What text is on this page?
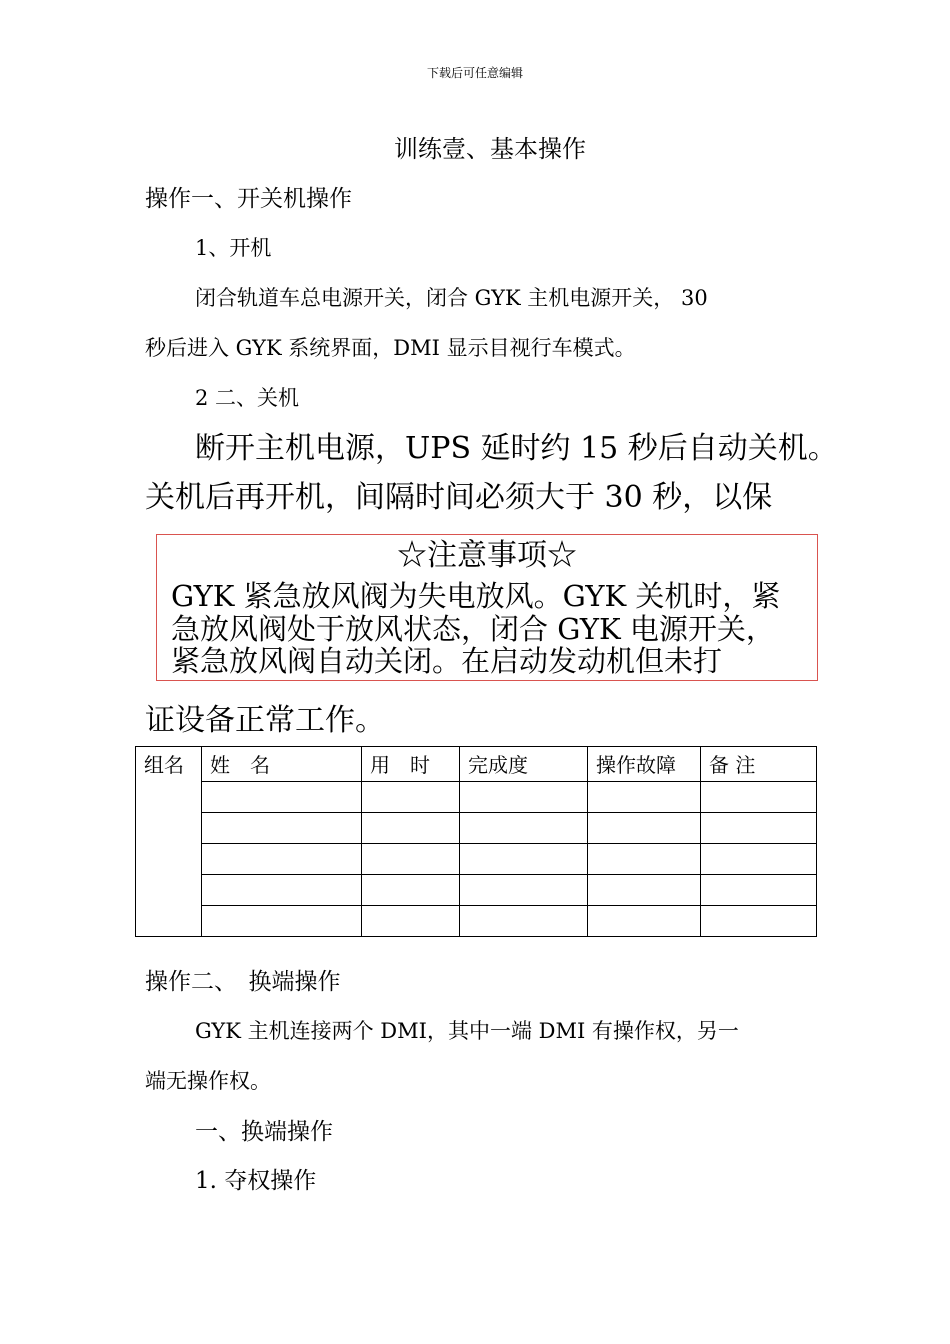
下载后可任意编辑
训练壹、基本操作
操作一、开关机操作
1、开机
闭合轨道车总电源开关，闭合 GYK 主机电源开关， 30
秒后进入 GYK 系统界面，DMI 显示目视行车模式。
2 二、关机
断开主机电源，UPS 延时约 15 秒后自动关机。
关机后再开机，间隔时间必须大于 30 秒，以保
☆注意事项☆
GYK 紧急放风阀为失电放风。GYK 关机时，紧
急放风阀处于放风状态，闭合 GYK 电源开关，
紧急放风阀自动关闭。在启动发动机但未打
证设备正常工作。
组名	姓　名	用　时	完成度	操作故障	备 注

操作二、　换端操作
GYK 主机连接两个 DMI，其中一端 DMI 有操作权，另一
端无操作权。
一、换端操作
1. 夺权操作
